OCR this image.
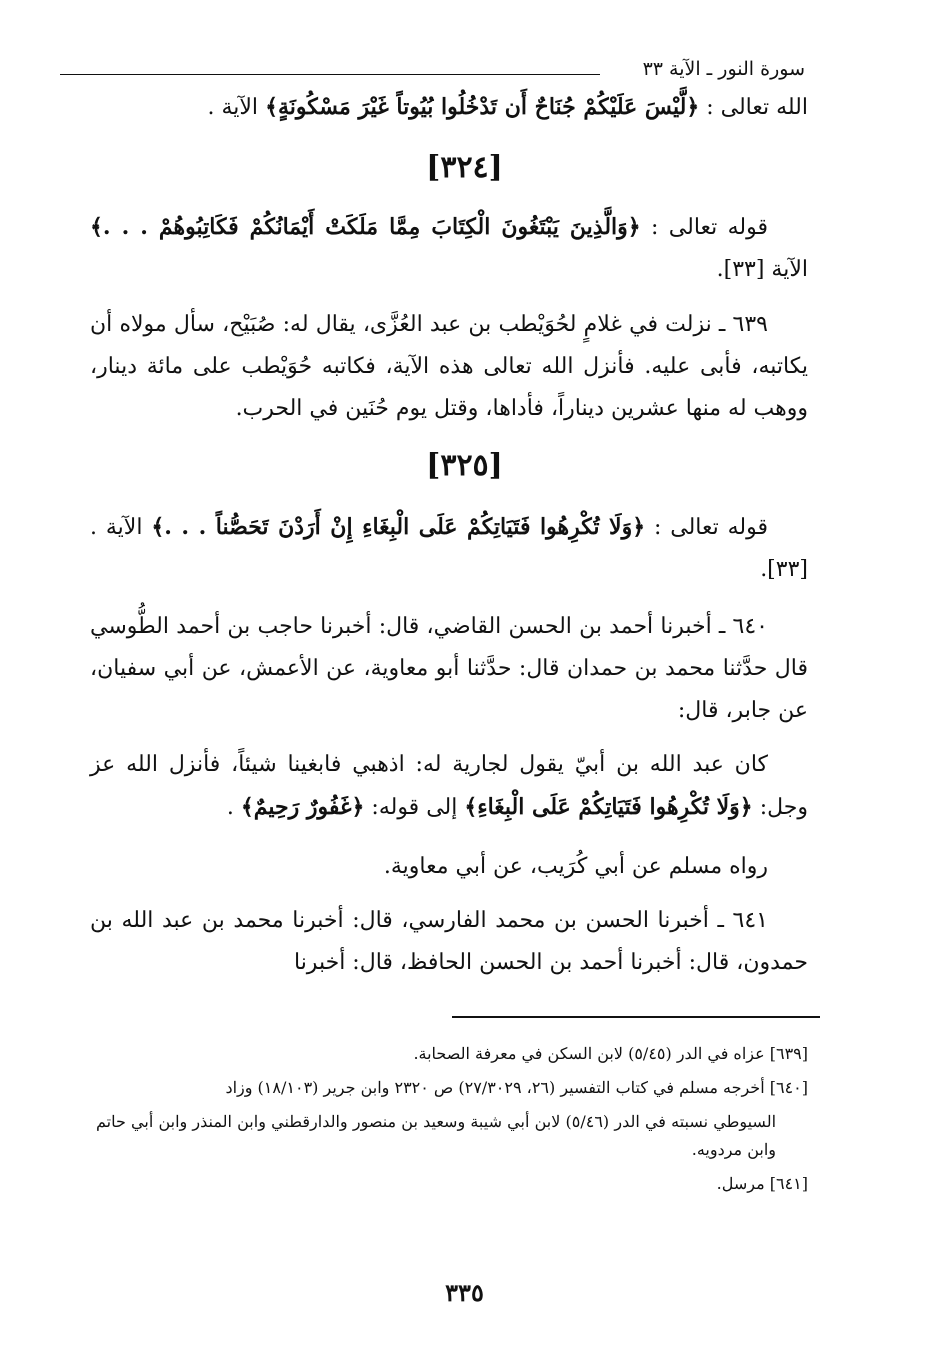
سورة النور ـ الآية ٣٣

الله تعالى : ﴿لَّيْسَ عَلَيْكُمْ جُنَاحٌ أَن تَدْخُلُوا بُيُوتاً غَيْرَ مَسْكُونَةٍ﴾ الآية .

[٣٢٤]

قوله تعالى : ﴿وَالَّذِينَ يَبْتَغُونَ الْكِتَابَ مِمَّا مَلَكَتْ أَيْمَانُكُمْ فَكَاتِبُوهُمْ . . .﴾ الآية [٣٣].

٦٣٩ ـ نزلت في غلامٍ لحُوَيْطب بن عبد العُزَّى، يقال له: صُبَيْح، سأل مولاه أن يكاتبه، فأبى عليه. فأنزل الله تعالى هذه الآية، فكاتبه حُوَيْطب على مائة دينار، ووهب له منها عشرين ديناراً، فأداها، وقتل يوم حُنَين في الحرب.

[٣٢٥]

قوله تعالى : ﴿وَلَا تُكْرِهُوا فَتَيَاتِكُمْ عَلَى الْبِغَاءِ إِنْ أَرَدْنَ تَحَصُّناً . . .﴾ الآية . [٣٣].

٦٤٠ ـ أخبرنا أحمد بن الحسن القاضي، قال: أخبرنا حاجب بن أحمد الطُّوسي قال حدَّثنا محمد بن حمدان قال: حدَّثنا أبو معاوية، عن الأعمش، عن أبي سفيان، عن جابر، قال:

كان عبد الله بن أبيّ يقول لجارية له: اذهبي فابغينا شيئاً، فأنزل الله عز وجل: ﴿وَلَا تُكْرِهُوا فَتَيَاتِكُمْ عَلَى الْبِغَاءِ﴾ إلى قوله: ﴿غَفُورٌ رَحِيمٌ﴾ .

رواه مسلم عن أبي كُرَيب، عن أبي معاوية.

٦٤١ ـ أخبرنا الحسن بن محمد الفارسي، قال: أخبرنا محمد بن عبد الله بن حمدون، قال: أخبرنا أحمد بن الحسن الحافظ، قال: أخبرنا

[٦٣٩] عزاه في الدر (٥/٤٥) لابن السكن في معرفة الصحابة.

[٦٤٠] أخرجه مسلم في كتاب التفسير (٢٦، ٢٧/٣٠٢٩) ص ٢٣٢٠ وابن جرير (١٨/١٠٣) وزاد

السيوطي نسبته في الدر (٥/٤٦) لابن أبي شيبة وسعيد بن منصور والدارقطني وابن المنذر وابن أبي حاتم وابن مردويه.

[٦٤١] مرسل.

٣٣٥
